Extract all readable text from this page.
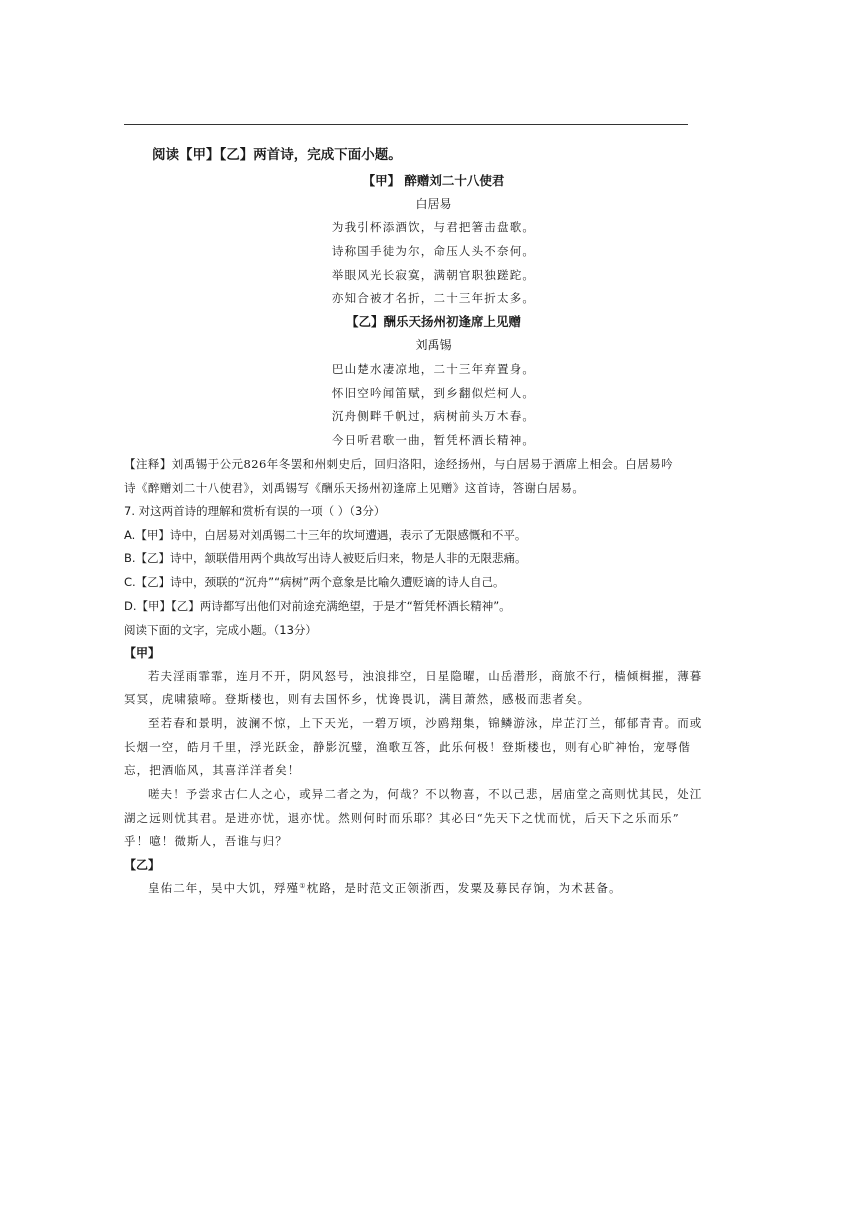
阅读【甲】【乙】两首诗，完成下面小题。
【甲】 醉赠刘二十八使君
白居易
为我引杯添酒饮，与君把箸击盘歌。
诗称国手徒为尔，命压人头不奈何。
举眼风光长寂寞，满朝官职独蹉跎。
亦知合被才名折，二十三年折太多。
【乙】酬乐天扬州初逢席上见赠
刘禹锡
巴山楚水凄凉地，二十三年弃置身。
怀旧空吟闻笛赋，到乡翻似烂柯人。
沉舟侧畔千帆过，病树前头万木春。
今日听君歌一曲，暂凭杯酒长精神。
【注释】刘禹锡于公元826年冬罢和州刺史后，回归洛阳，途经扬州，与白居易于酒席上相会。白居易吟
诗《醉赠刘二十八使君》，刘禹锡写《酬乐天扬州初逢席上见赠》这首诗，答谢白居易。
7. 对这两首诗的理解和赏析有误的一项（ ）（3分）
A.【甲】诗中，白居易对刘禹锡二十三年的坎坷遭遇，表示了无限感慨和不平。
B.【乙】诗中，颔联借用两个典故写出诗人被贬后归来，物是人非的无限悲痛。
C.【乙】诗中，颈联的“沉舟”“病树”两个意象是比喻久遭贬谪的诗人自己。
D.【甲】【乙】两诗都写出他们对前途充满绝望，于是才“暂凭杯酒长精神”。
阅读下面的文字，完成小题。（13分）
【甲】
若夫淫雨霏霏，连月不开，阴风怒号，浊浪排空，日星隐曜，山岳潜形，商旅不行，樯倾楫摧，薄暮
冥冥，虎啸猿啼。登斯楼也，则有去国怀乡，忧谗畏讥，满目萧然，感极而悲者矣。
至若春和景明，波澜不惊，上下天光，一碧万顷，沙鸥翔集，锦鳞游泳，岸芷汀兰，郁郁青青。而或
长烟一空，皓月千里，浮光跃金，静影沉璧，渔歌互答，此乐何极！登斯楼也，则有心旷神怡，宠辱偕
忘，把酒临风，其喜洋洋者矣！
嗟夫！予尝求古仁人之心，或异二者之为，何哉？不以物喜，不以己悲，居庙堂之高则忧其民，处江
湖之远则忧其君。是进亦忧，退亦忧。然则何时而乐耶？其必曰“先天下之忧而忧，后天下之乐而乐”
乎！噫！微斯人，吾谁与归？
【乙】
皇佑二年，吴中大饥，殍殣①枕路，是时范文正领浙西，发粟及募民存饷，为术甚备。
